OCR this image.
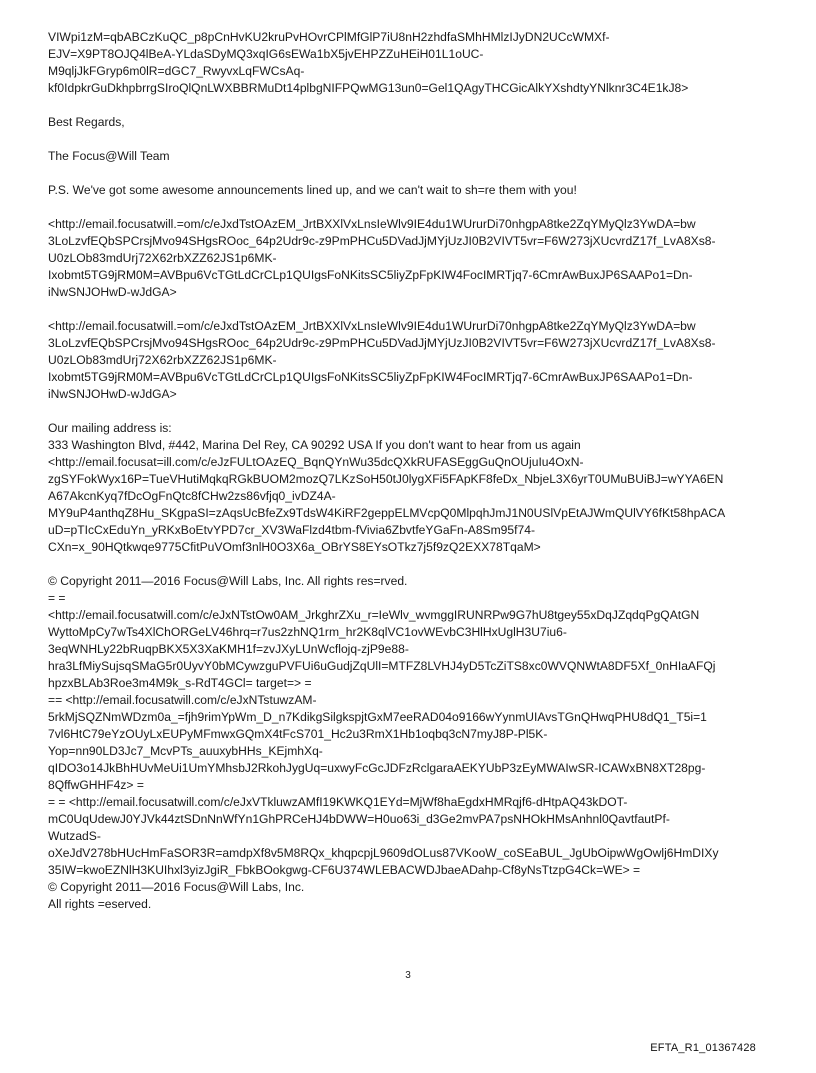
VIWpi1zM=qbABCzKuQC_p8pCnHvKU2kruPvHOvrCPlMfGlP7iU8nH2zhdfaSMhHMlzIJyDN2UCcWMXf-
EJV=X9PT8OJQ4lBeA-YLdaSDyMQ3xqIG6sEWa1bX5jvEHPZZuHEiH01L1oUC-
M9qljJkFGryp6m0lR=dGC7_RwyvxLqFWCsAq-
kf0IdpkrGuDkhpbrrgSIroQlQnLWXBBRMuDt14plbgNIFPQwMG13un0=Gel1QAgyTHCGicAlkYXshdtyYNlknr3C4E1kJ8>
Best Regards,
The Focus@Will Team
P.S. We've got some awesome announcements lined up, and we can't wait to sh=re them with you!
<http://email.focusatwill.=om/c/eJxdTstOAzEM_JrtBXXlVxLnsIeWlv9IE4du1WUrurDi70nhgpA8tke2ZqYMyQlz3YwDA=bw
3LoLzvfEQbSPCrsjMvo94SHgsROoc_64p2Udr9c-z9PmPHCu5DVadJjMYjUzJI0B2VIVT5vr=F6W273jXUcvrdZ17f_LvA8Xs8-
U0zLOb83mdUrj72X62rbXZZ62JS1p6MK-
Ixobmt5TG9jRM0M=AVBpu6VcTGtLdCrCLp1QUIgsFoNKitsSC5liyZpFpKIW4FocIMRTjq7-6CmrAwBuxJP6SAAPo1=Dn-
iNwSNJOHwD-wJdGA>
<http://email.focusatwill.=om/c/eJxdTstOAzEM_JrtBXXlVxLnsIeWlv9IE4du1WUrurDi70nhgpA8tke2ZqYMyQlz3YwDA=bw
3LoLzvfEQbSPCrsjMvo94SHgsROoc_64p2Udr9c-z9PmPHCu5DVadJjMYjUzJI0B2VIVT5vr=F6W273jXUcvrdZ17f_LvA8Xs8-
U0zLOb83mdUrj72X62rbXZZ62JS1p6MK-
Ixobmt5TG9jRM0M=AVBpu6VcTGtLdCrCLp1QUIgsFoNKitsSC5liyZpFpKIW4FocIMRTjq7-6CmrAwBuxJP6SAAPo1=Dn-
iNwSNJOHwD-wJdGA>
Our mailing address is:
333 Washington Blvd, #442, Marina Del Rey, CA 90292 USA If you don't want to hear from us again
<http://email.focusat=ill.com/c/eJzFULtOAzEQ_BqnQYnWu35dcQXkRUFASEggGuQnOUjuIu4OxN-
zgSYFokWyx16P=TueVHutiMqkqRGkBUOM2mozQ7LKzSoH50tJ0lygXFi5FApKF8feDx_NbjeL3X6yrT0UMuBUiBJ=wYYA6EN
A67AkcnKyq7fDcOgFnQtc8fCHw2zs86vfjq0_ivDZ4A-
MY9uP4anthqZ8Hu_SKgpaSI=zAqsUcBfeZx9TdsW4KiRF2geppELMVcpQ0MlpqhJmJ1N0USlVpEtAJWmQUlVY6fKt58hpACA
uD=pTIcCxEduYn_yRKxBoEtvYPD7cr_XV3WaFlzd4tbm-fVivia6ZbvtfeYGaFn-A8Sm95f74-
CXn=x_90HQtkwqe9775CfitPuVOmf3nlH0O3X6a_OBrYS8EYsOTkz7j5f9zQ2EXX78TqaM>
© Copyright 2011—2016 Focus@Will Labs, Inc. All rights res=rved.
= =
<http://email.focusatwill.com/c/eJxNTstOw0AM_JrkghrZXu_r=IeWlv_wvmggIRUNRPw9G7hU8tgey55xDqJZqdqPgQAtGN
WyttoMpCy7wTs4XlChORGeLV46hrq=r7us2zhNQ1rm_hr2K8qlVC1ovWEvbC3HlHxUglH3U7iu6-
3eqWNHLy22bRuqpBKX5X3XaKMH1f=zvJXyLUnWcflojq-zjP9e88-
hra3LfMiySujsqSMaG5r0UyvY0bMCywzguPVFUi6uGudjZqUlI=MTFZ8LVHJ4yD5TcZiTS8xc0WVQNWtA8DF5Xf_0nHIaAFQj
hpzxBLAb3Roe3m4M9k_s-RdT4GCl= target=> =
== <http://email.focusatwill.com/c/eJxNTstuwzAM-
5rkMjSQZNmWDzm0a_=fjh9rimYpWm_D_n7KdikgSilgkspjtGxM7eeRAD04o9166wYynmUIAvsTGnQHwqPHU8dQ1_T5i=1
7vl6HtC79eYzOUyLxEUPyMFmwxGQmX4tFcS701_Hc2u3RmX1Hb1oqbq3cN7myJ8P-Pl5K-
Yop=nn90LD3Jc7_McvPTs_auuxybHHs_KEjmhXq-
qIDO3o14JkBhHUvMeUi1UmYMhsbJ2RkohJygUq=uxwyFcGcJDFzRclgaraAEKYUbP3zEyMWAIwSR-ICAWxBN8XT28pg-
8QffwGHHF4z> =
= = <http://email.focusatwill.com/c/eJxVTkluwzAMfI19KWKQ1EYd=MjWf8haEgdxHMRqjf6-dHtpAQ43kDOT-
mC0UqUdewJ0YJVk44ztSDnNnWfYn1GhPRCeHJ4bDWW=H0uo63i_d3Ge2mvPA7psNHOkHMsAnhnl0QavtfautPf-
WutzadS-
oXeJdV278bHUcHmFaSOR3R=amdpXf8v5M8RQx_khqpcpjL9609dOLus87VKooW_coSEaBUL_JgUbOipwWgOwlj6HmDIXy
35IW=kwoEZNlH3KUIhxl3yizJgiR_FbkBOokgwg-CF6U374WLEBACWDJbaeADahp-Cf8yNsTtzpG4Ck=WE> =
© Copyright 2011—2016 Focus@Will Labs, Inc.
All rights =eserved.
3
EFTA_R1_01367428
